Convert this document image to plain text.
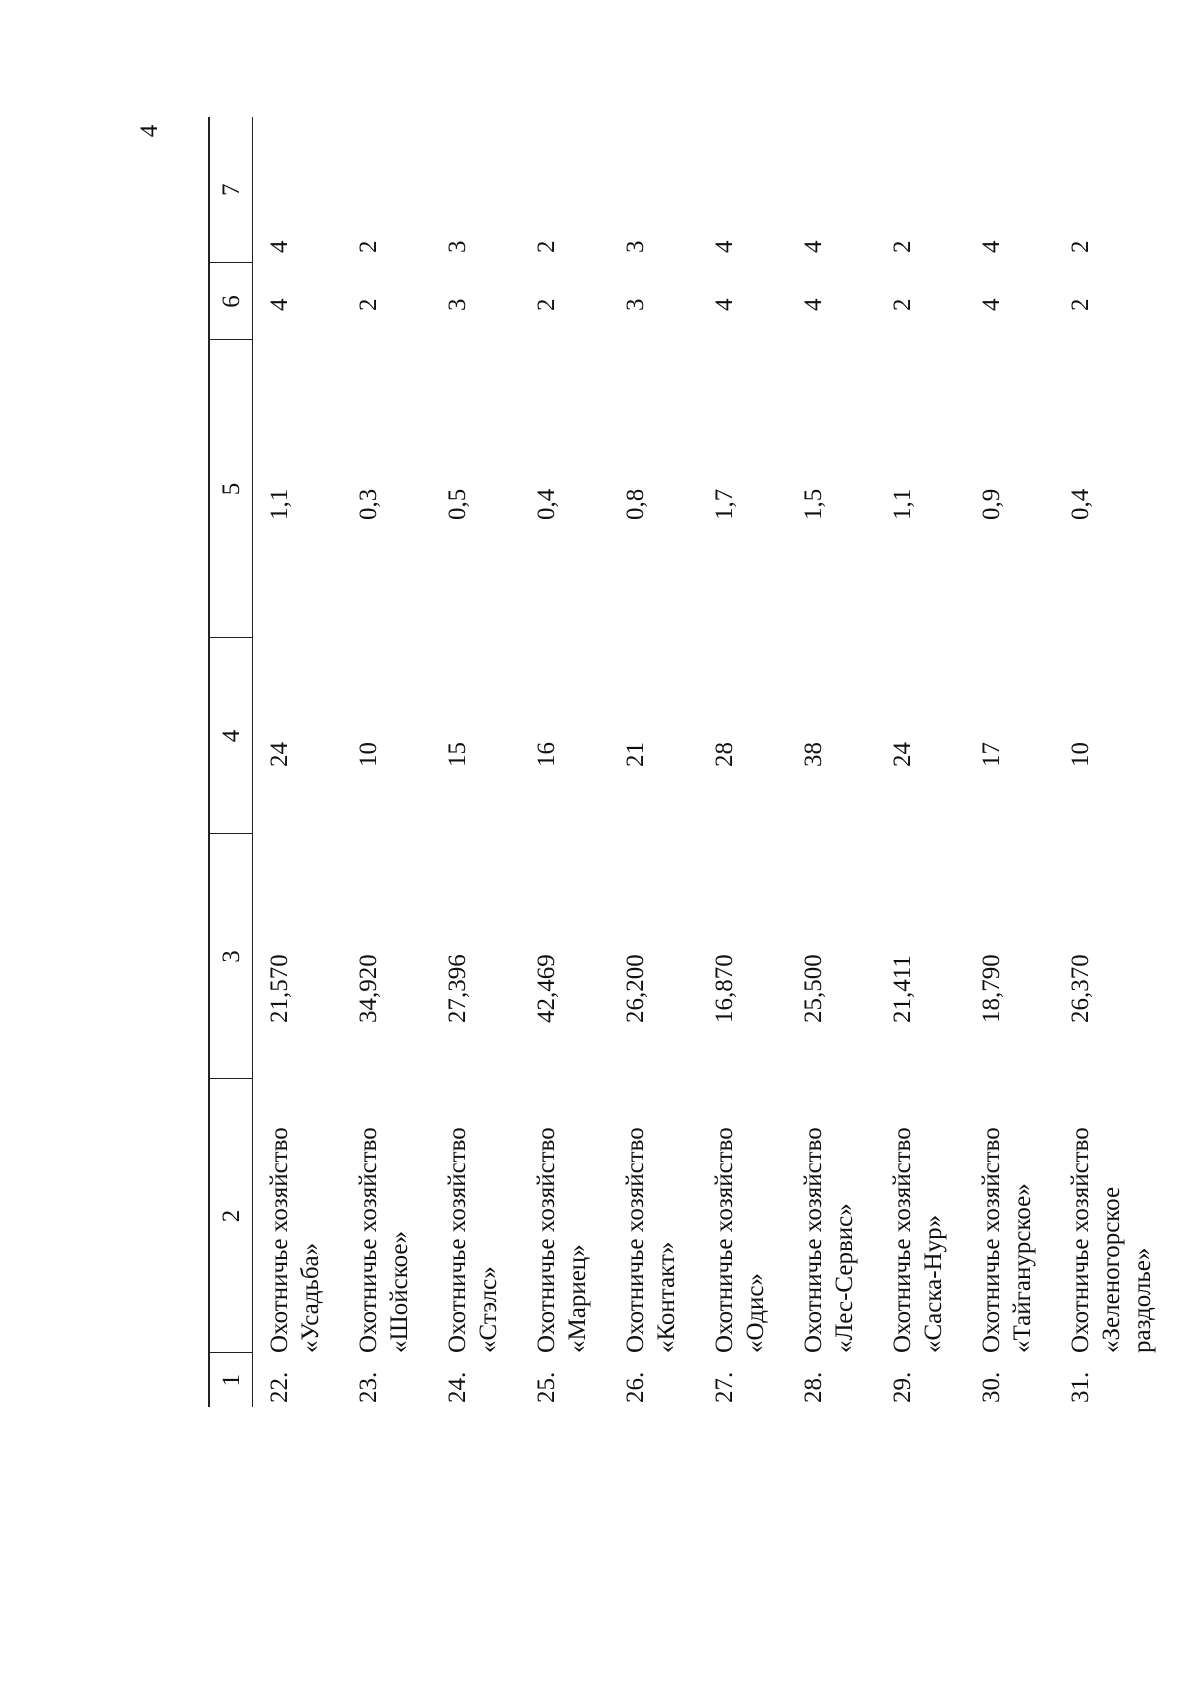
4
1	2	3	4	5	6	7
22.	Охотничье хозяйство «Усадьба»	21,570	24	1,1	4	4
23.	Охотничье хозяйство «Шойское»	34,920	10	0,3	2	2
24.	Охотничье хозяйство «Стэлс»	27,396	15	0,5	3	3
25.	Охотничье хозяйство «Мариец»	42,469	16	0,4	2	2
26.	Охотничье хозяйство «Контакт»	26,200	21	0,8	3	3
27.	Охотничье хозяйство «Одис»	16,870	28	1,7	4	4
28.	Охотничье хозяйство «Лес-Сервис»	25,500	38	1,5	4	4
29.	Охотничье хозяйство «Саска-Нур»	21,411	24	1,1	2	2
30.	Охотничье хозяйство «Тайганурское»	18,790	17	0,9	4	4
31.	Охотничье хозяйство «Зеленогорское раздолье»	26,370	10	0,4	2	2
